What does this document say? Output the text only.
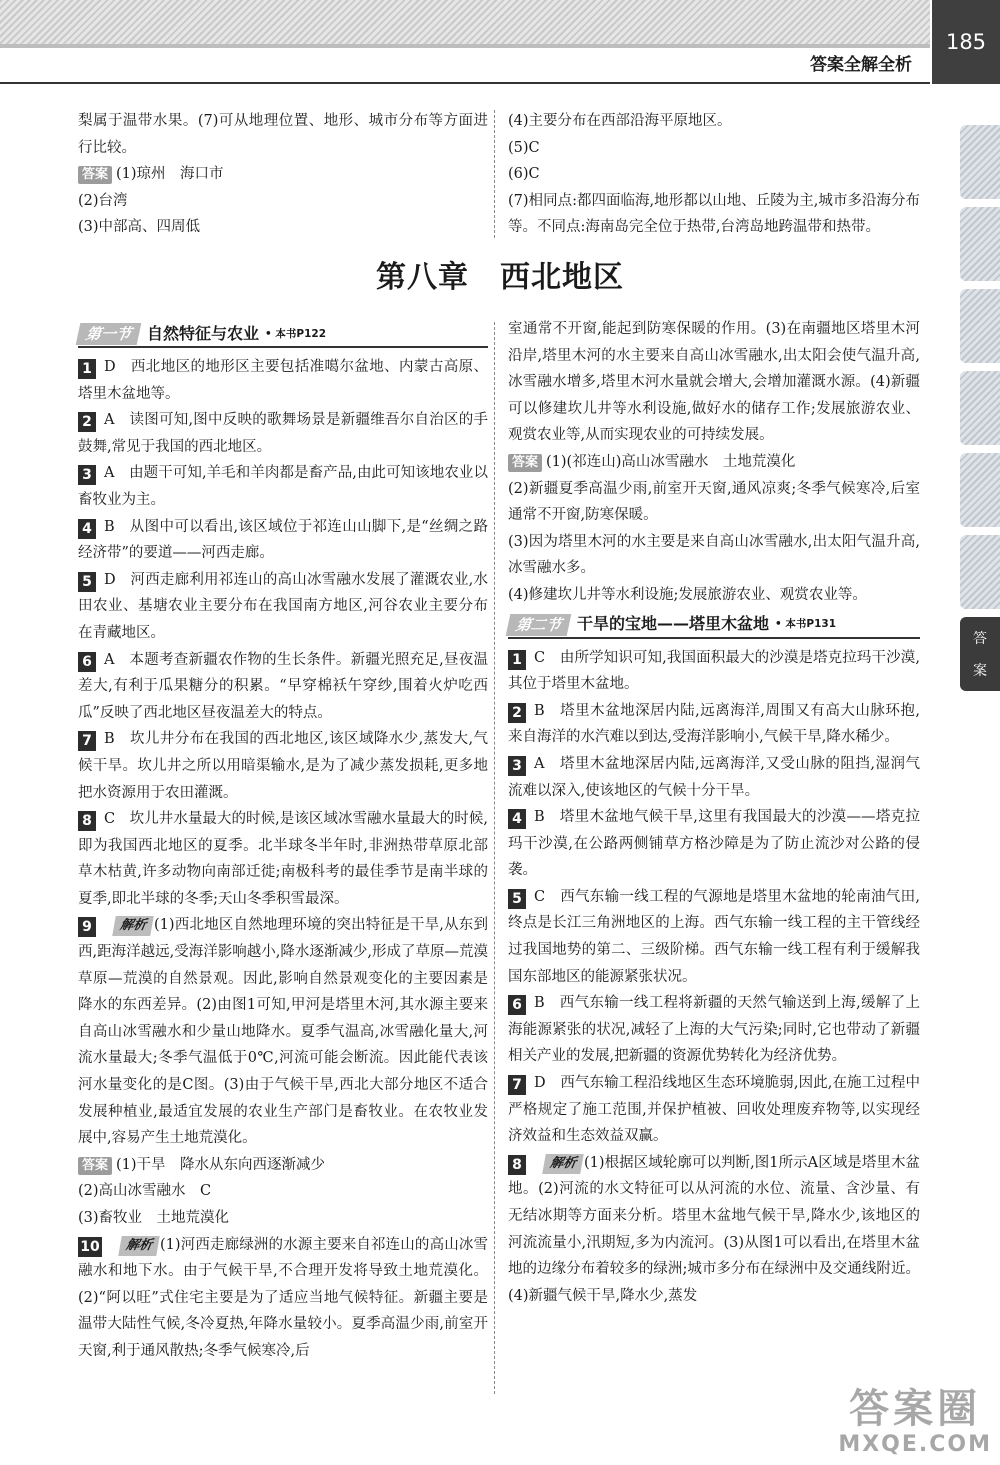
答案全解全析
185
答
案

梨属于温带水果。(7)可从地理位置、地形、城市分布等方面进行比较。

答案 (1)琼州　海口市

(2)台湾

(3)中部高、四周低

(4)主要分布在西部沿海平原地区。

(5)C

(6)C

(7)相同点:都四面临海,地形都以山地、丘陵为主,城市多沿海分布等。不同点:海南岛完全位于热带,台湾岛地跨温带和热带。

第八章　西北地区
第一节 自然特征与农业 • 本书P122

1 D　西北地区的地形区主要包括准噶尔盆地、内蒙古高原、塔里木盆地等。

2 A　读图可知,图中反映的歌舞场景是新疆维吾尔自治区的手鼓舞,常见于我国的西北地区。

3 A　由题干可知,羊毛和羊肉都是畜产品,由此可知该地农业以畜牧业为主。

4 B　从图中可以看出,该区域位于祁连山山脚下,是“丝绸之路经济带”的要道——河西走廊。

5 D　河西走廊利用祁连山的高山冰雪融水发展了灌溉农业,水田农业、基塘农业主要分布在我国南方地区,河谷农业主要分布在青藏地区。

6 A　本题考查新疆农作物的生长条件。新疆光照充足,昼夜温差大,有利于瓜果糖分的积累。“早穿棉袄午穿纱,围着火炉吃西瓜”反映了西北地区昼夜温差大的特点。

7 B　坎儿井分布在我国的西北地区,该区域降水少,蒸发大,气候干旱。坎儿井之所以用暗渠输水,是为了减少蒸发损耗,更多地把水资源用于农田灌溉。

8 C　坎儿井水量最大的时候,是该区域冰雪融水量最大的时候,即为我国西北地区的夏季。北半球冬半年时,非洲热带草原北部草木枯黄,许多动物向南部迁徙;南极科考的最佳季节是南半球的夏季,即北半球的冬季;天山冬季积雪最深。

9 解析 (1)西北地区自然地理环境的突出特征是干旱,从东到西,距海洋越远,受海洋影响越小,降水逐渐减少,形成了草原—荒漠草原—荒漠的自然景观。因此,影响自然景观变化的主要因素是降水的东西差异。(2)由图1可知,甲河是塔里木河,其水源主要来自高山冰雪融水和少量山地降水。夏季气温高,冰雪融化量大,河流水量最大;冬季气温低于0℃,河流可能会断流。因此能代表该河水量变化的是C图。(3)由于气候干旱,西北大部分地区不适合发展种植业,最适宜发展的农业生产部门是畜牧业。在农牧业发展中,容易产生土地荒漠化。

答案 (1)干旱　降水从东向西逐渐减少

(2)高山冰雪融水　C

(3)畜牧业　土地荒漠化

10 解析 (1)河西走廊绿洲的水源主要来自祁连山的高山冰雪融水和地下水。由于气候干旱,不合理开发将导致土地荒漠化。(2)“阿以旺”式住宅主要是为了适应当地气候特征。新疆主要是温带大陆性气候,冬冷夏热,年降水量较小。夏季高温少雨,前室开天窗,利于通风散热;冬季气候寒冷,后

室通常不开窗,能起到防寒保暖的作用。(3)在南疆地区塔里木河沿岸,塔里木河的水主要来自高山冰雪融水,出太阳会使气温升高,冰雪融水增多,塔里木河水量就会增大,会增加灌溉水源。(4)新疆可以修建坎儿井等水利设施,做好水的储存工作;发展旅游农业、观赏农业等,从而实现农业的可持续发展。

答案 (1)(祁连山)高山冰雪融水　土地荒漠化

(2)新疆夏季高温少雨,前室开天窗,通风凉爽;冬季气候寒冷,后室通常不开窗,防寒保暖。

(3)因为塔里木河的水主要是来自高山冰雪融水,出太阳气温升高,冰雪融水多。

(4)修建坎儿井等水利设施;发展旅游农业、观赏农业等。

第二节 干旱的宝地——塔里木盆地 • 本书P131

1 C　由所学知识可知,我国面积最大的沙漠是塔克拉玛干沙漠,其位于塔里木盆地。

2 B　塔里木盆地深居内陆,远离海洋,周围又有高大山脉环抱,来自海洋的水汽难以到达,受海洋影响小,气候干旱,降水稀少。

3 A　塔里木盆地深居内陆,远离海洋,又受山脉的阻挡,湿润气流难以深入,使该地区的气候十分干旱。

4 B　塔里木盆地气候干旱,这里有我国最大的沙漠——塔克拉玛干沙漠,在公路两侧铺草方格沙障是为了防止流沙对公路的侵袭。

5 C　西气东输一线工程的气源地是塔里木盆地的轮南油气田,终点是长江三角洲地区的上海。西气东输一线工程的主干管线经过我国地势的第二、三级阶梯。西气东输一线工程有利于缓解我国东部地区的能源紧张状况。

6 B　西气东输一线工程将新疆的天然气输送到上海,缓解了上海能源紧张的状况,减轻了上海的大气污染;同时,它也带动了新疆相关产业的发展,把新疆的资源优势转化为经济优势。

7 D　西气东输工程沿线地区生态环境脆弱,因此,在施工过程中严格规定了施工范围,并保护植被、回收处理废弃物等,以实现经济效益和生态效益双赢。

8 解析 (1)根据区域轮廓可以判断,图1所示A区域是塔里木盆地。(2)河流的水文特征可以从河流的水位、流量、含沙量、有无结冰期等方面来分析。塔里木盆地气候干旱,降水少,该地区的河流流量小,汛期短,多为内流河。(3)从图1可以看出,在塔里木盆地的边缘分布着较多的绿洲;城市多分布在绿洲中及交通线附近。(4)新疆气候干旱,降水少,蒸发

答案圈
MXQE.COM
